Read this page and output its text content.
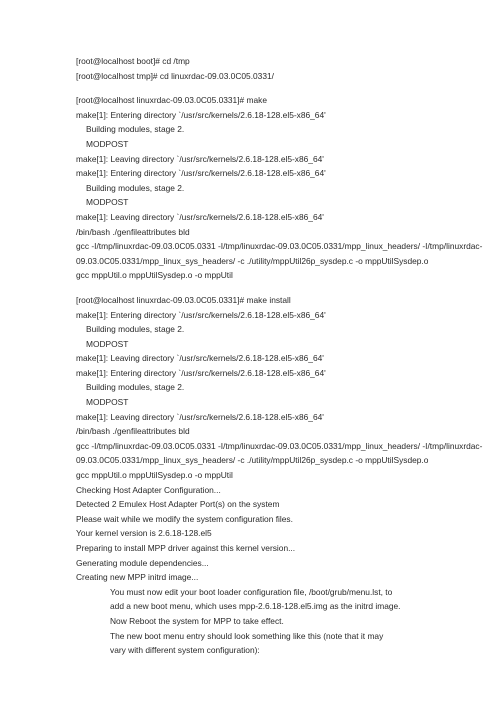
[root@localhost boot]# cd /tmp
[root@localhost tmp]# cd linuxrdac-09.03.0C05.0331/
[root@localhost linuxrdac-09.03.0C05.0331]# make
make[1]: Entering directory `/usr/src/kernels/2.6.18-128.el5-x86_64'
Building modules, stage 2.
MODPOST
make[1]: Leaving directory `/usr/src/kernels/2.6.18-128.el5-x86_64'
make[1]: Entering directory `/usr/src/kernels/2.6.18-128.el5-x86_64'
Building modules, stage 2.
MODPOST
make[1]: Leaving directory `/usr/src/kernels/2.6.18-128.el5-x86_64'
/bin/bash ./genfileattributes bld
gcc -I/tmp/linuxrdac-09.03.0C05.0331 -I/tmp/linuxrdac-09.03.0C05.0331/mpp_linux_headers/ -I/tmp/linuxrdac-09.03.0C05.0331/mpp_linux_sys_headers/ -c ./utility/mppUtil26p_sysdep.c -o mppUtilSysdep.o
gcc mppUtil.o mppUtilSysdep.o -o mppUtil
[root@localhost linuxrdac-09.03.0C05.0331]# make install
make[1]: Entering directory `/usr/src/kernels/2.6.18-128.el5-x86_64'
Building modules, stage 2.
MODPOST
make[1]: Leaving directory `/usr/src/kernels/2.6.18-128.el5-x86_64'
make[1]: Entering directory `/usr/src/kernels/2.6.18-128.el5-x86_64'
Building modules, stage 2.
MODPOST
make[1]: Leaving directory `/usr/src/kernels/2.6.18-128.el5-x86_64'
/bin/bash ./genfileattributes bld
gcc -I/tmp/linuxrdac-09.03.0C05.0331 -I/tmp/linuxrdac-09.03.0C05.0331/mpp_linux_headers/ -I/tmp/linuxrdac-09.03.0C05.0331/mpp_linux_sys_headers/ -c ./utility/mppUtil26p_sysdep.c -o mppUtilSysdep.o
gcc mppUtil.o mppUtilSysdep.o -o mppUtil
Checking Host Adapter Configuration...
Detected 2 Emulex Host Adapter Port(s) on the system
Please wait while we modify the system configuration files.
Your kernel version is 2.6.18-128.el5
Preparing to install MPP driver against this kernel version...
Generating module dependencies...
Creating new MPP initrd image...
You must now edit your boot loader configuration file, /boot/grub/menu.lst, to
add a new boot menu, which uses mpp-2.6.18-128.el5.img as the initrd image.
Now Reboot the system for MPP to take effect.
The new boot menu entry should look something like this (note that it may
vary with different system configuration):
